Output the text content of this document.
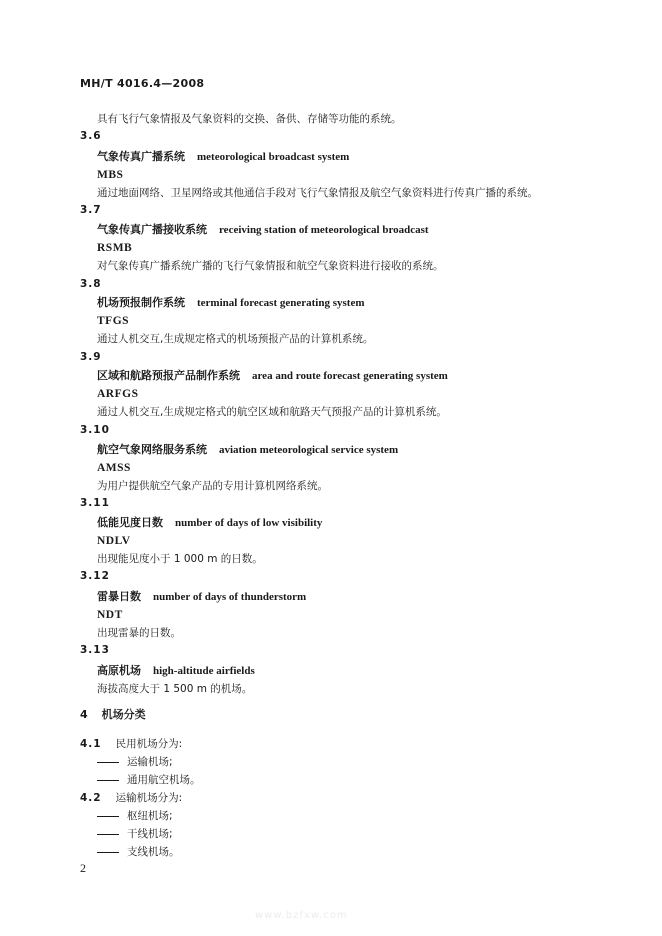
MH/T 4016.4—2008
具有飞行气象情报及气象资料的交换、备供、存储等功能的系统。
3.6
气象传真广播系统 meteorological broadcast system
MBS
通过地面网络、卫星网络或其他通信手段对飞行气象情报及航空气象资料进行传真广播的系统。
3.7
气象传真广播接收系统 receiving station of meteorological broadcast
RSMB
对气象传真广播系统广播的飞行气象情报和航空气象资料进行接收的系统。
3.8
机场预报制作系统 terminal forecast generating system
TFGS
通过人机交互,生成规定格式的机场预报产品的计算机系统。
3.9
区域和航路预报产品制作系统 area and route forecast generating system
ARFGS
通过人机交互,生成规定格式的航空区域和航路天气预报产品的计算机系统。
3.10
航空气象网络服务系统 aviation meteorological service system
AMSS
为用户提供航空气象产品的专用计算机网络系统。
3.11
低能见度日数 number of days of low visibility
NDLV
出现能见度小于 1 000 m 的日数。
3.12
雷暴日数 number of days of thunderstorm
NDT
出现雷暴的日数。
3.13
高原机场 high-altitude airfields
海拔高度大于 1 500 m 的机场。
4 机场分类
4.1 民用机场分为:
运输机场;
通用航空机场。
4.2 运输机场分为:
枢纽机场;
干线机场;
支线机场。
2
www.bzfxw.com
